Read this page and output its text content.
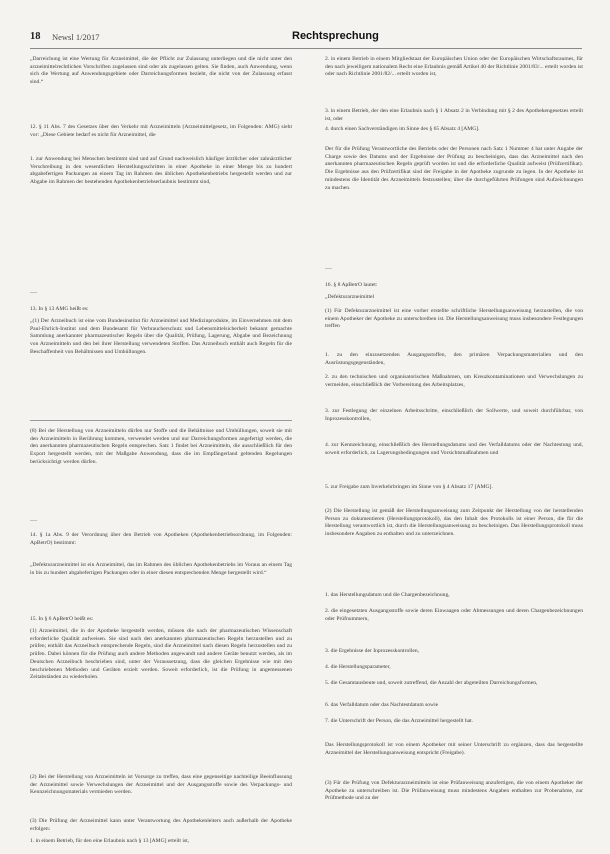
18 Newsl 1/2017	Rechtsprechung
„Darreichung ist eine Wertung für Arzneimittel, die der Pflicht zur Zulassung unterliegen und die nicht unter den arzneimittelrechtlichen Vorschriften zugelassen sind oder als zugelassen gelten. Sie finden, auch Anwendung, wenn sich die Wertung auf Anwendungsgebiete oder Darreichungsformen bezieht, die nicht von der Zulassung erfasst sind.“
12. § 11 Abs. 7 des Gesetzes über den Verkehr mit Arzneimitteln (Arzneimittelgesetz, im Folgenden: AMG) sieht vor: „Diese Gebiete bedarf es nicht für Arzneimittel, die
1. zur Anwendung bei Menschen bestimmt sind und auf Grund nachweislich häufiger ärztlicher oder zahnärztlicher Verschreibung in den wesentlichen Herstellungsschritten in einer Apotheke in einer Menge bis zu hundert abgabefertigen Packungen an einem Tag im Rahmen des üblichen Apothekenbetriebs hergestellt werden und zur Abgabe im Rahmen der bestehenden Apothekenbetriebserlaubnis bestimmt sind,
—
13. In § 13 AMG heißt es:
„(1) Der Arzneibuch ist eine vom Bundesinstitut für Arzneimittel und Medizinprodukte, im Einvernehmen mit dem Paul-Ehrlich-Institut und dem Bundesamt für Verbraucherschutz und Lebensmittelsicherheit bekannt gemachte Sammlung anerkannter pharmazeutischer Regeln über die Qualität, Prüfung, Lagerung, Abgabe und Bezeichnung von Arzneimitteln und den bei ihrer Herstellung verwendeten Stoffen. Das Arzneibuch enthält auch Regeln für die Beschaffenheit von Behältnissen und Umhüllungen.
(8) Bei der Herstellung von Arzneimitteln dürfen nur Stoffe und die Behältnisse und Umhüllungen, soweit sie mit den Arzneimitteln in Berührung kommen, verwendet werden und nur Darreichungsformen angefertigt werden, die den anerkannten pharmazeutischen Regeln entsprechen. Satz 1 findet bei Arzneimitteln, die ausschließlich für den Export hergestellt werden, mit der Maßgabe Anwendung, dass die im Empfängerland geltenden Regelungen berücksichtigt werden dürfen.
—
14. § 1a Abs. 9 der Verordnung über den Betrieb von Apotheken (Apothekenbetriebsordnung, im Folgenden: ApBetrO) bestimmt:
„Defekturarzneimittel ist ein Arzneimittel, das im Rahmen des üblichen Apothekenbetriebs im Voraus an einem Tag in bis zu hundert abgabefertigen Packungen oder in einer diesen entsprechenden Menge hergestellt wird.“
15. In § 6 ApBetrO heißt es:
(1) Arzneimittel, die in der Apotheke hergestellt werden, müssen die nach der pharmazeutischen Wissenschaft erforderliche Qualität aufweisen. Sie sind nach den anerkannten pharmazeutischen Regeln herzustellen und zu prüfen; enthält das Arzneibuch entsprechende Regeln, sind die Arzneimittel nach diesen Regeln herzustellen und zu prüfen. Dabei können für die Prüfung auch andere Methoden angewandt und andere Geräte benutzt werden, als im Deutschen Arzneibuch beschrieben sind, unter der Voraussetzung, dass die gleichen Ergebnisse wie mit den beschriebenen Methoden und Geräten erzielt werden. Soweit erforderlich, ist die Prüfung in angemessenen Zeitabständen zu wiederholen.
(2) Bei der Herstellung von Arzneimitteln ist Vorsorge zu treffen, dass eine gegenseitige nachteilige Beeinflussung der Arzneimittel sowie Verwechslungen der Arzneimittel und der Ausgangsstoffe sowie des Verpackungs- und Kennzeichnungsmaterials vermieden werden.
(3) Die Prüfung der Arzneimittel kann unter Verantwortung des Apothekenleiters auch außerhalb der Apotheke erfolgen:
1. in einem Betrieb, für den eine Erlaubnis nach § 13 [AMG] erteilt ist,
2. in einem Betrieb in einem Mitgliedstaat der Europäischen Union oder der Europäischen Wirtschaftsraumes, für den nach jeweiligem nationalem Recht eine Erlaubnis gemäß Artikel 40 der Richtlinie 2001/83/... erteilt worden ist oder nach Richtlinie 2001/82/... erteilt worden ist,
3. in einem Betrieb, der den eine Erlaubnis nach § 1 Absatz 2 in Verbindung mit § 2 des Apothekengesetzes erteilt ist, oder
4. durch einen Sachverständigen im Sinne des § 65 Absatz 4 [AMG].
Der für die Prüfung Verantwortliche des Betriebs oder der Personen nach Satz 1 Nummer 4 hat unter Angabe der Charge sowie des Datums und der Ergebnisse der Prüfung zu bescheinigen, dass das Arzneimittel nach den anerkannten pharmazeutischen Regeln geprüft worden ist und die erforderliche Qualität aufweist (Prüfzertifikat). Die Ergebnisse aus den Prüfzertifikat sind der Freigabe in der Apotheke zugrunde zu legen. In der Apotheke ist mindestens die Identität des Arzneimittels festzustellen; über die durchgeführten Prüfungen sind Aufzeichnungen zu machen.
—
16. § 8 ApBetrO lautet:
„Defekturarzneimittel
(1) Für Defekturarzneimittel ist eine vorher erstellte schriftliche Herstellungsanweisung herzustellen, die von einem Apotheker der Apotheke zu unterschreiben ist. Die Herstellungsanweisung muss insbesondere Festlegungen treffen
1. zu den einzusetzenden Ausgangsstoffen, den primären Verpackungsmaterialien und den Ausrüstungsgegenständen,
2. zu den technischen und organisatorischen Maßnahmen, um Kreuzkontaminationen und Verwechslungen zu vermeiden, einschließlich der Vorbereitung des Arbeitsplatzes,
3. zur Festlegung der einzelnen Arbeitsschritte, einschließlich der Sollwerte, und soweit durchführbar, von Inprozesskontrollen,
4. zur Kennzeichnung, einschließlich des Herstellungsdatums und des Verfalldatums oder der Nachtestung und, soweit erforderlich, zu Lagerungsbedingungen und Vorsichtsmaßnahmen und
5. zur Freigabe zum Inverkehrbringen im Sinne von § 4 Absatz 17 [AMG].
(2) Die Herstellung ist gemäß der Herstellungsanweisung zum Zeitpunkt der Herstellung von der herstellenden Person zu dokumentieren (Herstellungsprotokoll), das den Inhalt des Protokolls ist einer Person, die für die Herstellung verantwortlich ist, durch die Herstellungsanweisung zu bescheinigen. Das Herstellungsprotokoll muss insbesondere Angaben zu enthalten und zu unterzeichnen.
1. das Herstellungsdatum und die Chargenbezeichnung,
2. die eingesetzten Ausgangsstoffe sowie deren Einwaagen oder Abmessungen und deren Chargenbezeichnungen oder Prüfnummern,
3. die Ergebnisse der Inprozesskontrollen,
4. die Herstellungsparameter,
5. die Gesamtausbeute und, soweit zutreffend, die Anzahl der abgeteilten Darreichungsformen,
6. das Verfalldatum oder das Nachtestdatum sowie
7. die Unterschrift der Person, die das Arzneimittel hergestellt hat.
Das Herstellungsprotokoll ist von einem Apotheker mit seiner Unterschrift zu ergänzen, dass das hergestellte Arzneimittel der Herstellungsanweisung entspricht (Freigabe).
(3) Für die Prüfung von Defekturarzneimitteln ist eine Prüfanweisung anzufertigen, die von einem Apotheker der Apotheke zu unterschreiben ist. Die Prüfanweisung muss mindestens Angaben enthalten zur Probenahme, zur Prüfmethode und zu der
